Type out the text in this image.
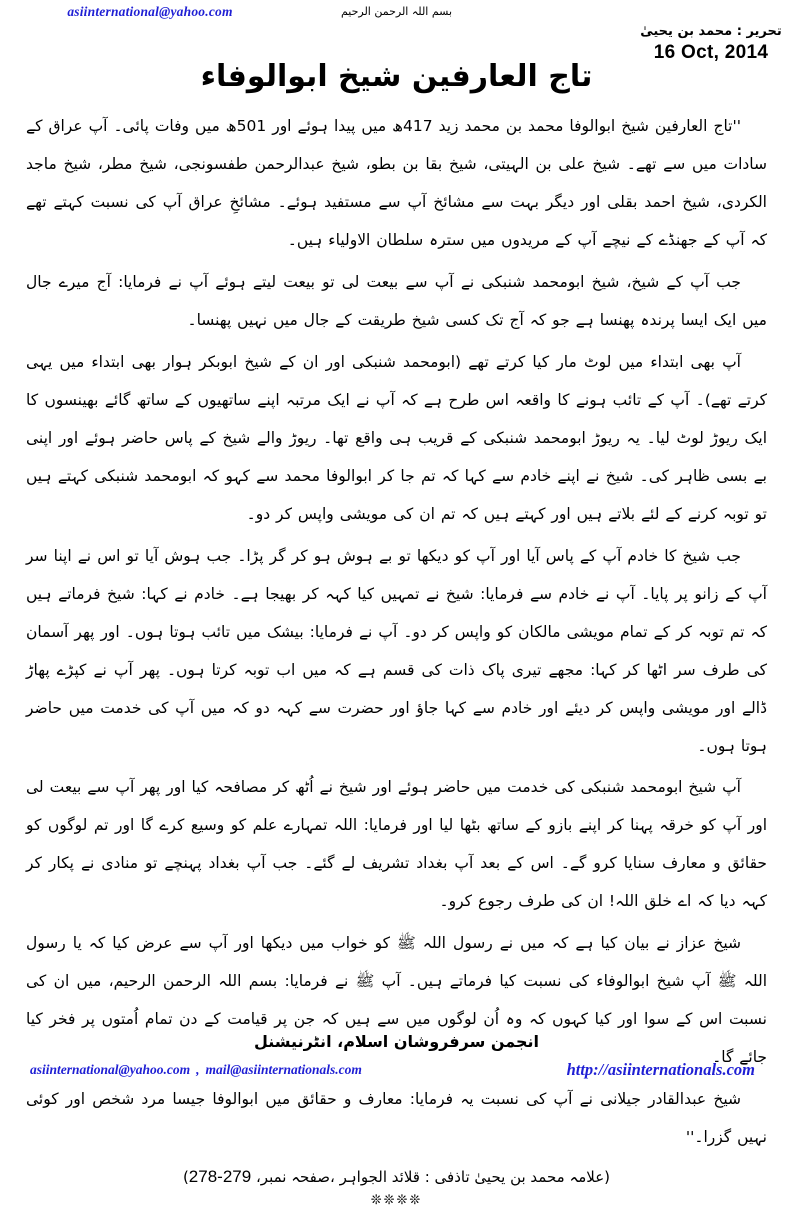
asiinternational@yahoo.com	بسم اللہ الرحمن الرحیم
تحریر : محمد بن یحییٰ
16 Oct, 2014
تاج العارفین شیخ ابوالوفاء

''تاج العارفین شیخ ابوالوفا محمد بن محمد زید 417ھ میں پیدا ہوئے اور 501ھ میں وفات پائی۔ آپ عراق کے سادات میں سے تھے۔ شیخ علی بن الہیتی، شیخ بقا بن بطو، شیخ عبدالرحمن طفسونجی، شیخ مطر، شیخ ماجد الکردی، شیخ احمد بقلی اور دیگر بہت سے مشائخ آپ سے مستفید ہوئے۔ مشائخِ عراق آپ کی نسبت کہتے تھے کہ آپ کے جھنڈے کے نیچے آپ کے مریدوں میں سترہ سلطان الاولیاء ہیں۔

جب آپ کے شیخ، شیخ ابومحمد شنبکی نے آپ سے بیعت لی تو بیعت لیتے ہوئے آپ نے فرمایا: آج میرے جال میں ایک ایسا پرندہ پھنسا ہے جو کہ آج تک کسی شیخ طریقت کے جال میں نہیں پھنسا۔

آپ بھی ابتداء میں لوٹ مار کیا کرتے تھے (ابومحمد شنبکی اور ان کے شیخ ابوبکر ہوار بھی ابتداء میں یہی کرتے تھے)۔ آپ کے تائب ہونے کا واقعہ اس طرح ہے کہ آپ نے ایک مرتبہ اپنے ساتھیوں کے ساتھ گائے بھینسوں کا ایک ریوڑ لوٹ لیا۔ یہ ریوڑ ابومحمد شنبکی کے قریب ہی واقع تھا۔ ریوڑ والے شیخ کے پاس حاضر ہوئے اور اپنی بے بسی ظاہر کی۔ شیخ نے اپنے خادم سے کہا کہ تم جا کر ابوالوفا محمد سے کہو کہ ابومحمد شنبکی کہتے ہیں تو توبہ کرنے کے لئے بلاتے ہیں اور کہتے ہیں کہ تم ان کی مویشی واپس کر دو۔

جب شیخ کا خادم آپ کے پاس آیا اور آپ کو دیکھا تو بے ہوش ہو کر گر پڑا۔ جب ہوش آیا تو اس نے اپنا سر آپ کے زانو پر پایا۔ آپ نے خادم سے فرمایا: شیخ نے تمہیں کیا کہہ کر بھیجا ہے۔ خادم نے کہا: شیخ فرماتے ہیں کہ تم توبہ کر کے تمام مویشی مالکان کو واپس کر دو۔ آپ نے فرمایا: بیشک میں تائب ہوتا ہوں۔ اور پھر آسمان کی طرف سر اٹھا کر کہا: مجھے تیری پاک ذات کی قسم ہے کہ میں اب توبہ کرتا ہوں۔ پھر آپ نے کپڑے پھاڑ ڈالے اور مویشی واپس کر دیئے اور خادم سے کہا جاؤ اور حضرت سے کہہ دو کہ میں آپ کی خدمت میں حاضر ہوتا ہوں۔

آپ شیخ ابومحمد شنبکی کی خدمت میں حاضر ہوئے اور شیخ نے اُٹھ کر مصافحہ کیا اور پھر آپ سے بیعت لی اور آپ کو خرقہ پہنا کر اپنے بازو کے ساتھ بٹھا لیا اور فرمایا: اللہ تمہارے علم کو وسیع کرے گا اور تم لوگوں کو حقائق و معارف سنایا کرو گے۔ اس کے بعد آپ بغداد تشریف لے گئے۔ جب آپ بغداد پہنچے تو منادی نے پکار کر کہہ دیا کہ اے خلق اللہ! ان کی طرف رجوع کرو۔

شیخ عزاز نے بیان کیا ہے کہ میں نے رسول اللہ ﷺ کو خواب میں دیکھا اور آپ سے عرض کیا کہ یا رسول اللہ ﷺ آپ شیخ ابوالوفاء کی نسبت کیا فرماتے ہیں۔ آپ ﷺ نے فرمایا: بسم اللہ الرحمن الرحیم، میں ان کی نسبت اس کے سوا اور کیا کہوں کہ وہ اُن لوگوں میں سے ہیں کہ جن پر قیامت کے دن تمام اُمتوں پر فخر کیا جائے گا۔

شیخ عبدالقادر جیلانی نے آپ کی نسبت یہ فرمایا: معارف و حقائق میں ابوالوفا جیسا مرد شخص اور کوئی نہیں گزرا۔''

(علامہ محمد بن یحییٰ تاذفی : قلائد الجواہر ،صفحہ نمبر، 278-279)
❊❊❊❊
انجمن سرفروشان اسلام، انٹرنیشنل
asiinternational@yahoo.com , mail@asiinternationals.com	http://asiinternationals.com
